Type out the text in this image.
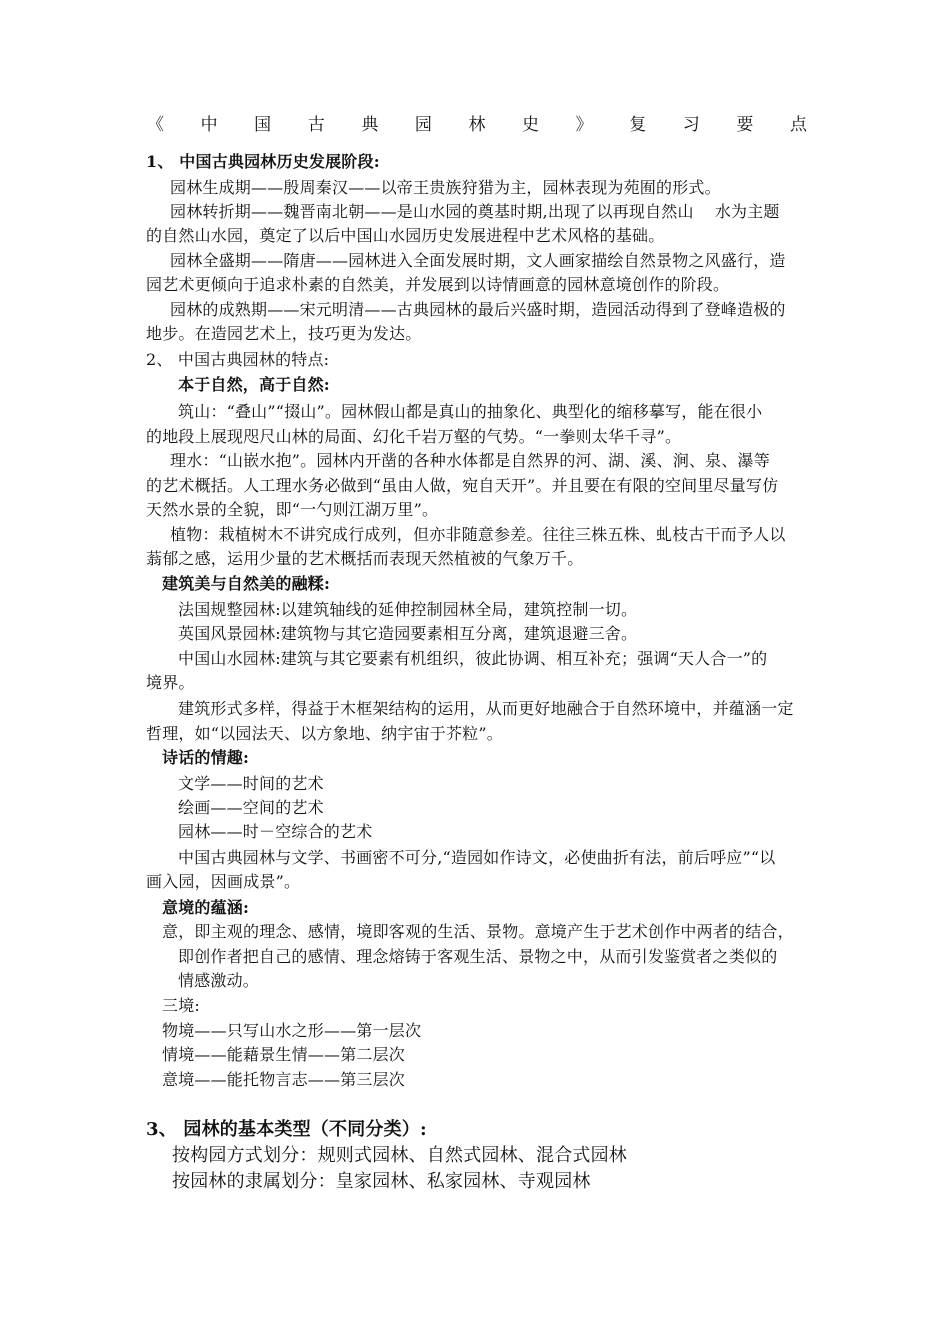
《 中 国 古 典 园 林 史 》 复 习 要 点
1、 中国古典园林历史发展阶段:
园林生成期——殷周秦汉——以帝王贵族狩猎为主，园林表现为苑囿的形式。
园林转折期——魏晋南北朝——是山水园的奠基时期,出现了以再现自然山    水为主题
的自然山水园，奠定了以后中国山水园历史发展进程中艺术风格的基础。
园林全盛期——隋唐——园林进入全面发展时期，文人画家描绘自然景物之风盛行，造
园艺术更倾向于追求朴素的自然美，并发展到以诗情画意的园林意境创作的阶段。
园林的成熟期——宋元明清——古典园林的最后兴盛时期，造园活动得到了登峰造极的
地步。在造园艺术上，技巧更为发达。
2、 中国古典园林的特点:
本于自然，高于自然:
筑山：“叠山”“掇山”。园林假山都是真山的抽象化、典型化的缩移摹写，能在很小
的地段上展现咫尺山林的局面、幻化千岩万壑的气势。“一拳则太华千寻”。
理水：“山嵌水抱”。园林内开凿的各种水体都是自然界的河、湖、溪、涧、泉、瀑等
的艺术概括。人工理水务必做到“虽由人做，宛自天开”。并且要在有限的空间里尽量写仿
天然水景的全貌，即“一勺则江湖万里”。
植物：栽植树木不讲究成行成列，但亦非随意参差。往往三株五株、虬枝古干而予人以
蓊郁之感，运用少量的艺术概括而表现天然植被的气象万千。
建筑美与自然美的融糅:
法国规整园林:以建筑轴线的延伸控制园林全局，建筑控制一切。
英国风景园林:建筑物与其它造园要素相互分离，建筑退避三舍。
中国山水园林:建筑与其它要素有机组织，彼此协调、相互补充；强调“天人合一”的
境界。
建筑形式多样，得益于木框架结构的运用，从而更好地融合于自然环境中，并蕴涵一定
哲理，如“以园法天、以方象地、纳宇宙于芥粒”。
诗话的情趣:
文学——时间的艺术
绘画——空间的艺术
园林——时－空综合的艺术
中国古典园林与文学、书画密不可分,“造园如作诗文，必使曲折有法，前后呼应”“以
画入园，因画成景”。
意境的蕴涵:
意，即主观的理念、感情，境即客观的生活、景物。意境产生于艺术创作中两者的结合，
即创作者把自己的感情、理念熔铸于客观生活、景物之中，从而引发鉴赏者之类似的
情感激动。
三境:
物境——只写山水之形——第一层次
情境——能藉景生情——第二层次
意境——能托物言志——第三层次
3、 园林的基本类型（不同分类）:
按构园方式划分：规则式园林、自然式园林、混合式园林
按园林的隶属划分：皇家园林、私家园林、寺观园林
